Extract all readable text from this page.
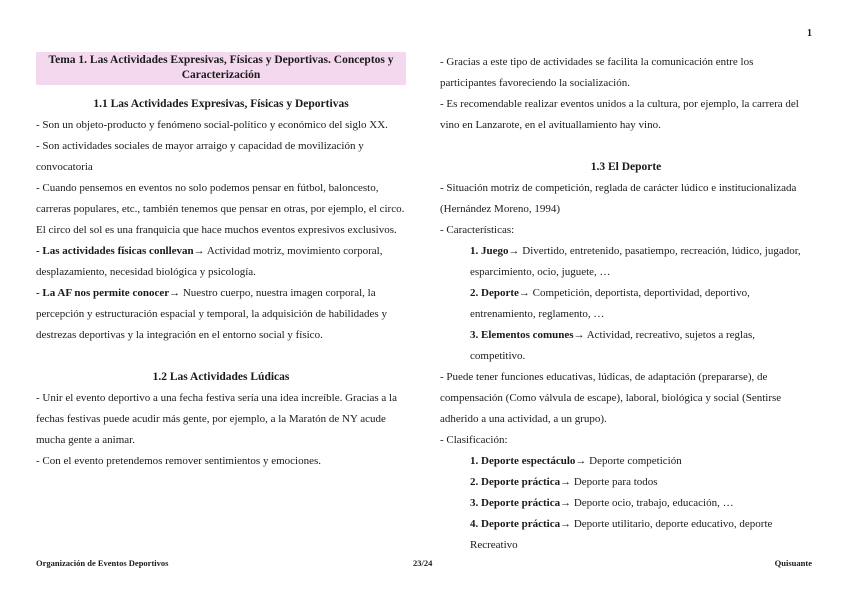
1
Tema 1. Las Actividades Expresivas, Físicas y Deportivas. Conceptos y Caracterización
1.1 Las Actividades Expresivas, Físicas y Deportivas

- Son un objeto-producto y fenómeno social-político y económico del siglo XX.

- Son actividades sociales de mayor arraigo y capacidad de movilización y convocatoria

- Cuando pensemos en eventos no solo podemos pensar en fútbol, baloncesto, carreras populares, etc., también tenemos que pensar en otras, por ejemplo, el circo. El circo del sol es una franquicia que hace muchos eventos expresivos exclusivos.

- Las actividades físicas conllevan→ Actividad motriz, movimiento corporal, desplazamiento, necesidad biológica y psicología.

- La AF nos permite conocer→ Nuestro cuerpo, nuestra imagen corporal, la percepción y estructuración espacial y temporal, la adquisición de habilidades y destrezas deportivas y la integración en el entorno social y físico.

1.2 Las Actividades Lúdicas

- Unir el evento deportivo a una fecha festiva sería una idea increíble. Gracias a la fechas festivas puede acudir más gente, por ejemplo, a la Maratón de NY acude mucha gente a animar.

- Con el evento pretendemos remover sentimientos y emociones.

- Gracias a este tipo de actividades se facilita la comunicación entre los participantes favoreciendo la socialización.

- Es recomendable realizar eventos unidos a la cultura, por ejemplo, la carrera del vino en Lanzarote, en el avituallamiento hay vino.

1.3 El Deporte

- Situación motriz de competición, reglada de carácter lúdico e institucionalizada (Hernández Moreno, 1994)

- Características:

1. Juego→ Divertido, entretenido, pasatiempo, recreación, lúdico, jugador, esparcimiento, ocio, juguete, …

2. Deporte→ Competición, deportista, deportividad, deportivo, entrenamiento, reglamento, …

3. Elementos comunes→ Actividad, recreativo, sujetos a reglas, competitivo.

- Puede tener funciones educativas, lúdicas, de adaptación (prepararse), de compensación (Como válvula de escape), laboral, biológica y social (Sentirse adherido a una actividad, a un grupo).

- Clasificación:

1. Deporte espectáculo→ Deporte competición

2. Deporte práctica→ Deporte para todos

3. Deporte práctica→ Deporte ocio, trabajo, educación, …

4. Deporte práctica→ Deporte utilitario, deporte educativo, deporte Recreativo

Organización de Eventos Deportivos	23/24	Quisuante
